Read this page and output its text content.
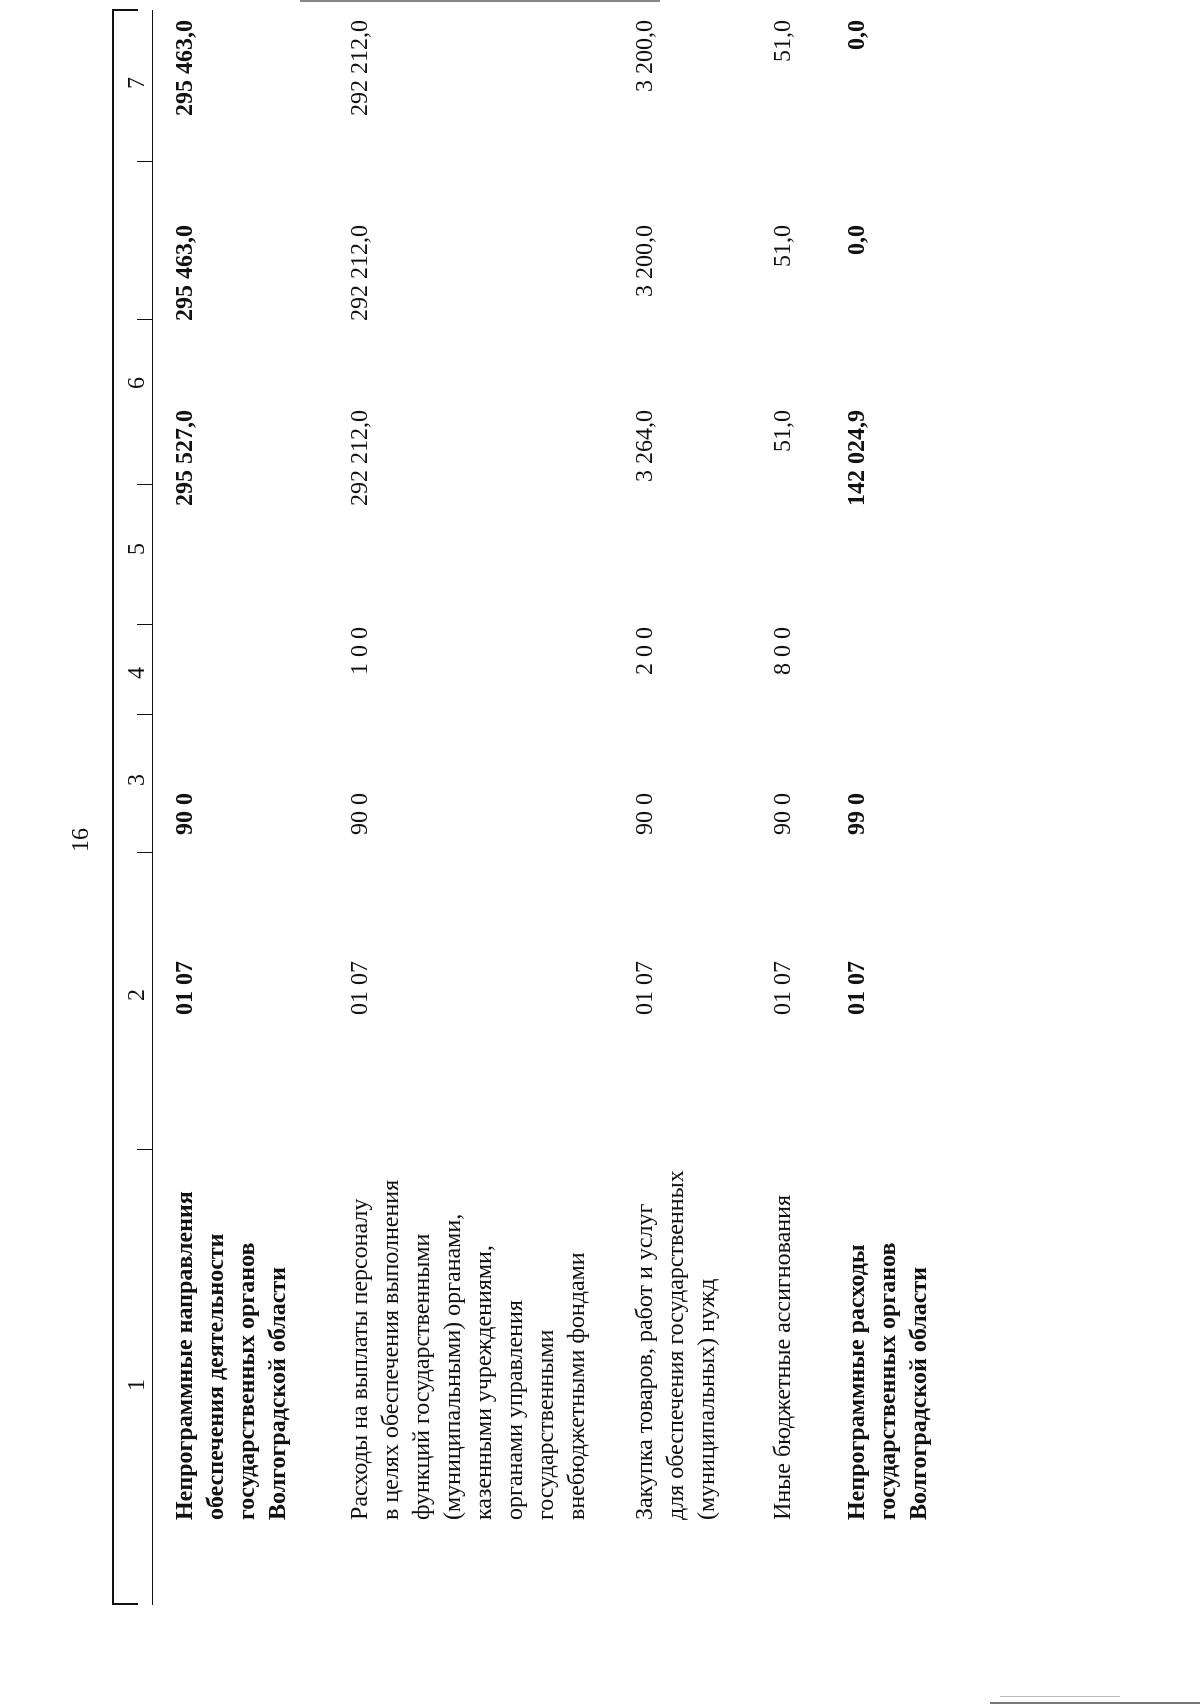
16
1
2
3
4
5
6
7
Непрограммные направления обеспечения деятельности государственных органов Волгоградской области
01 07
90 0
295 527,0
295 463,0
295 463,0
Расходы на выплаты персоналу в целях обеспечения выполнения функций государственными (муниципальными) органами, казенными учреждениями, органами управления государственными внебюджетными фондами
01 07
90 0
1 0 0
292 212,0
292 212,0
292 212,0
Закупка товаров, работ и услуг для обеспечения государственных (муниципальных) нужд
01 07
90 0
2 0 0
3 264,0
3 200,0
3 200,0
Иные бюджетные ассигнования
01 07
90 0
8 0 0
51,0
51,0
51,0
Непрограммные расходы государственных органов Волгоградской области
01 07
99 0
142 024,9
0,0
0,0
